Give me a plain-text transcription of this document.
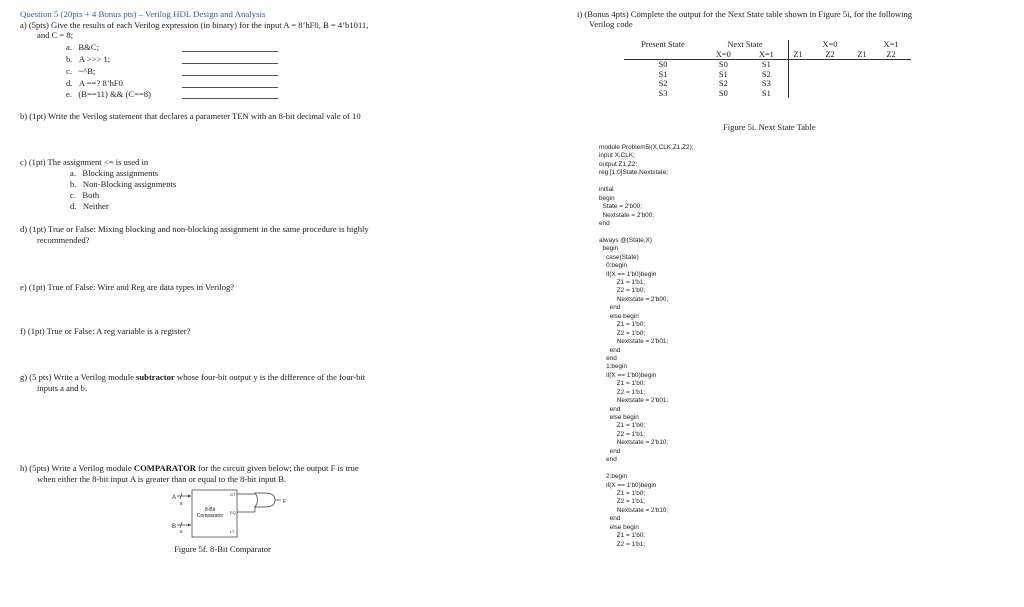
Question 5 (20pts + 4 Bonus pts) – Verilog HDL Design and Analysis
a) (5pts) Give the results of each Verilog expression (in binary) for the input A = 8’hF0, B = 4’b1011,
and C = 8;
a. B&C;
b. A >>> 1;
c. ~^B;
d. A ==? 8’hF0
e. (B==11) && (C==8)
b) (1pt) Write the Verilog statement that declares a parameter TEN with an 8-bit decimal vale of 10
c) (1pt) The assignment <= is used in
a. Blocking assignments
b. Non-Blocking assignments
c. Both
d. Neither
d) (1pt) True or False: Mixing blocking and non-blocking assignment in the same procedure is highly
recommended?
e) (1pt) True of False: Wire and Reg are data types in Verilog?
f) (1pt) True or False: A reg variable is a register?
g) (5 pts) Write a Verilog module subtractor whose four-bit output y is the difference of the four-bit
inputs a and b.
h) (5pts) Write a Verilog module COMPARATOR for the circuit given below; the output F is true
when either the 8-bit input A is greater than or equal to the 8-bit input B.
A
B
8
8
8-Bit
Comparator
GT
EQ
LT
F
Figure 5f. 8-Bit Comparator
i) (Bonus 4pts) Complete the output for the Next State table shown in Figure 5i, for the following
Verilog code
Present State	Next State			X=0		X=1
	X=0	X=1	Z1	Z2	Z1	Z2
S0	S0	S1				
S1	S1	S2				
S2	S2	S3				
S3	S0	S1				
Figure 5i. Next State Table
module Problem5i(X,CLK,Z1,Z2);
input X,CLK;
output Z1,Z2;
reg [1:0]State,Nextstate;
initial
begin
State = 2'b00;
Nextstate = 2'b00;
end
always @(State,X)
begin
case(State)
0:begin
if(X == 1'b0)begin
Z1 = 1'b1;
Z2 = 1'b0;
Nextstate = 2'b00;
end
else begin
Z1 = 1'b0;
Z2 = 1'b0;
Nextstate = 2'b01;
end
end
1:begin
if(X == 1'b0)begin
Z1 = 1'b0;
Z2 = 1'b1;
Nextstate = 2'b01;
end
else begin
Z1 = 1'b0;
Z2 = 1'b1;
Nextstate = 2'b10;
end
end
2:begin
if(X == 1'b0)begin
Z1 = 1'b0;
Z2 = 1'b1;
Nextstate = 2'b10;
end
else begin
Z1 = 1'b0;
Z2 = 1'b1;
